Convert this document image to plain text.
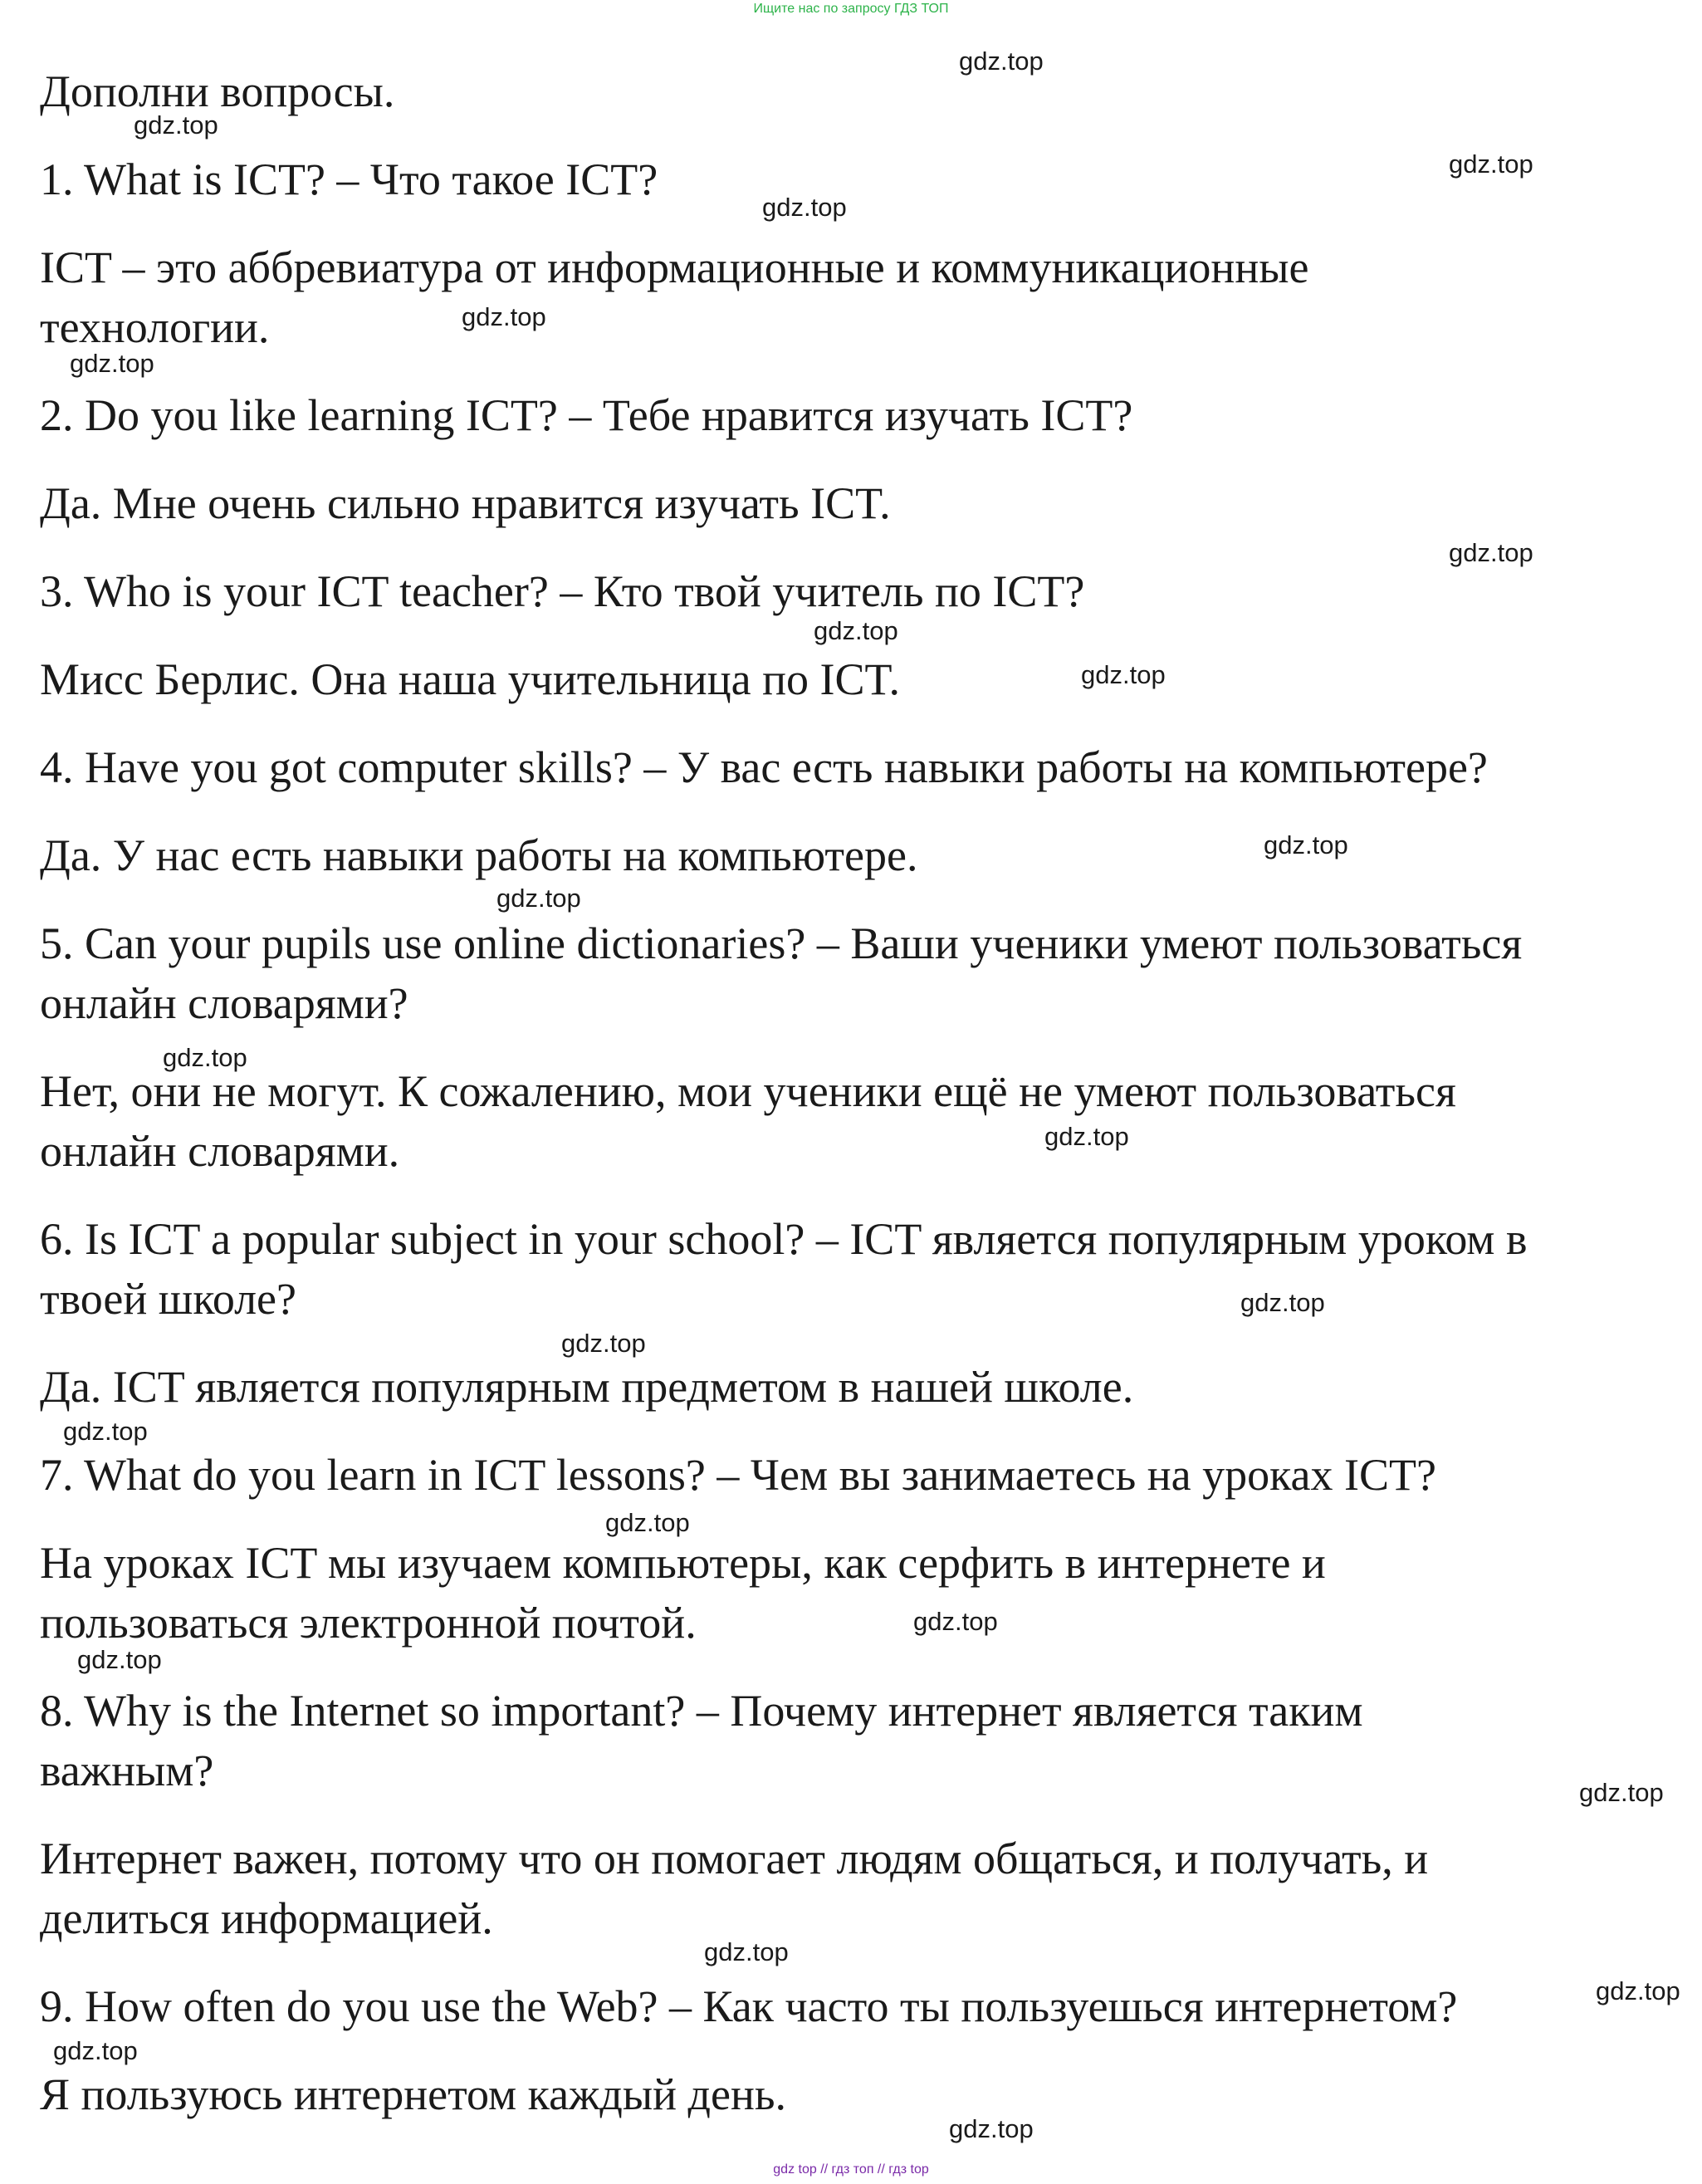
Ищите нас по запросу ГДЗ ТОП
Дополни вопросы.
1. What is ICT? – Что такое ICT?
ICT – это аббревиатура от информационные и коммуникационные
технологии.
2. Do you like learning ICT? – Тебе нравится изучать ICT?
Да. Мне очень сильно нравится изучать ICT.
3. Who is your ICT teacher? – Кто твой учитель по ICT?
Мисс Берлис. Она наша учительница по ICT.
4. Have you got computer skills? – У вас есть навыки работы на компьютере?
Да. У нас есть навыки работы на компьютере.
5. Can your pupils use online dictionaries? – Ваши ученики умеют пользоваться
онлайн словарями?
Нет, они не могут. К сожалению, мои ученики ещё не умеют пользоваться
онлайн словарями.
6. Is ICT a popular subject in your school? – ICT является популярным уроком в
твоей школе?
Да. ICT является популярным предметом в нашей школе.
7. What do you learn in ICT lessons? – Чем вы занимаетесь на уроках ICT?
На уроках ICT мы изучаем компьютеры, как серфить в интернете и
пользоваться электронной почтой.
8. Why is the Internet so important? – Почему интернет является таким
важным?
Интернет важен, потому что он помогает людям общаться, и получать, и
делиться информацией.
9. How often do you use the Web? – Как часто ты пользуешься интернетом?
Я пользуюсь интернетом каждый день.
gdz.top
gdz.top
gdz.top
gdz.top
gdz.top
gdz.top
gdz.top
gdz.top
gdz.top
gdz.top
gdz.top
gdz.top
gdz.top
gdz.top
gdz.top
gdz.top
gdz.top
gdz.top
gdz.top
gdz.top
gdz.top
gdz.top
gdz.top
gdz.top
gdz top // гдз топ // гдз top
